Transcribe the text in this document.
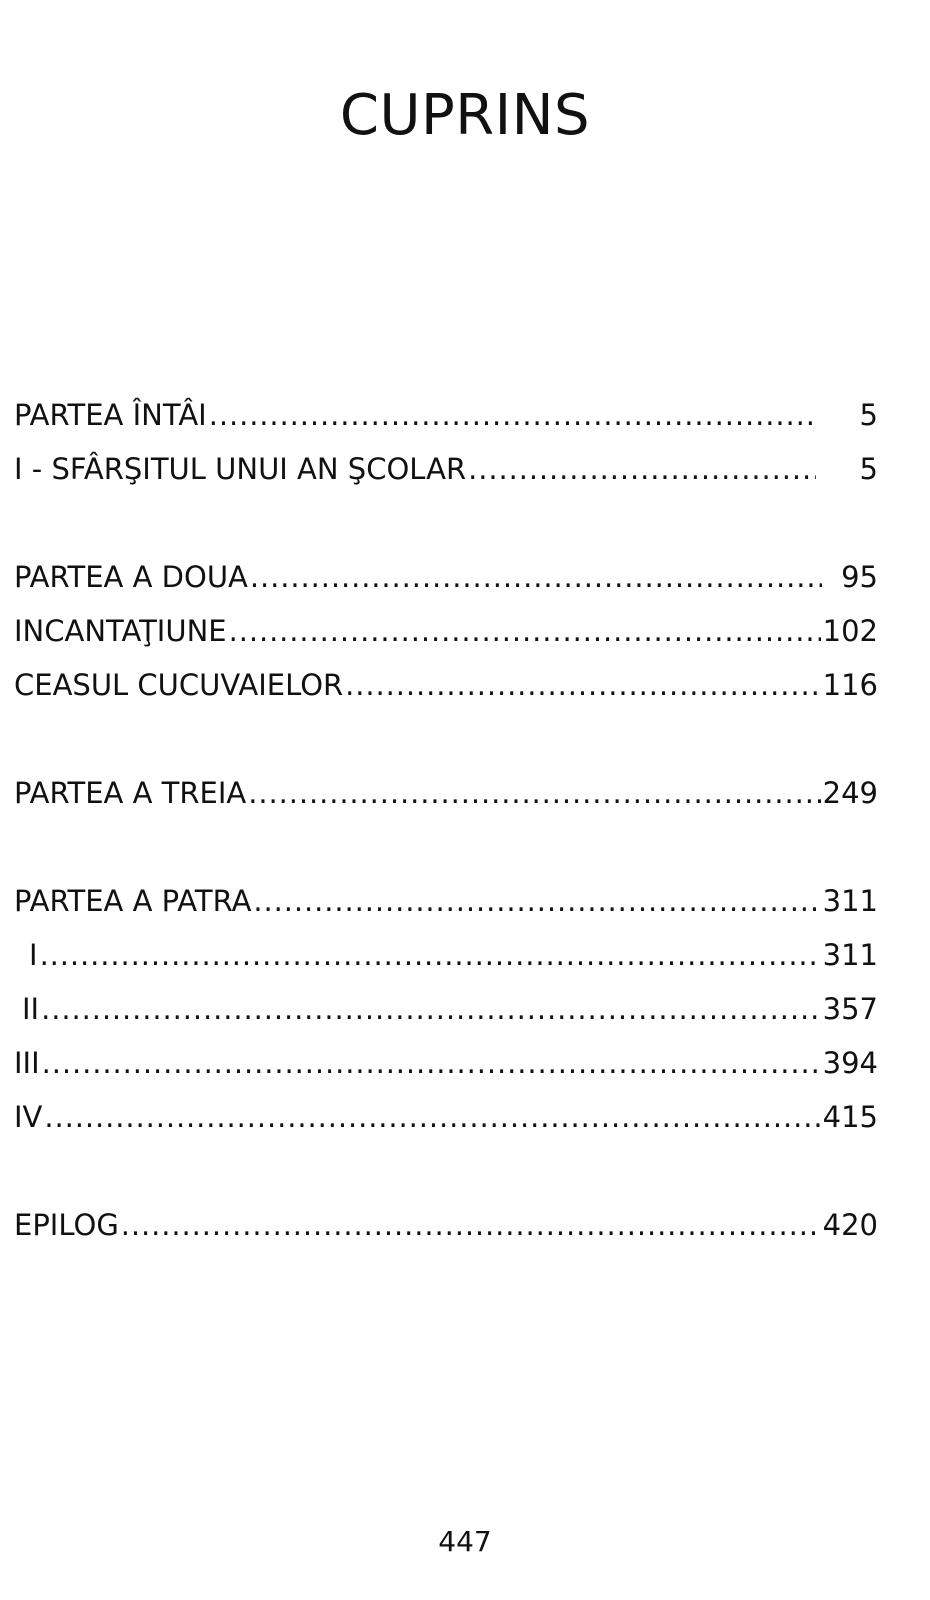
CUPRINS
PARTEA ÎNTÂI .....	5
I - SFÂRŞITUL UNUI AN ŞCOLAR .....	5
PARTEA A DOUA .....	95
INCANTAŢIUNE .....	102
CEASUL CUCUVAIELOR .....	116
PARTEA A TREIA .....	249
PARTEA A PATRA .....	311
I .....	311
II .....	357
III .....	394
IV .....	415
EPILOG .....	420
447
